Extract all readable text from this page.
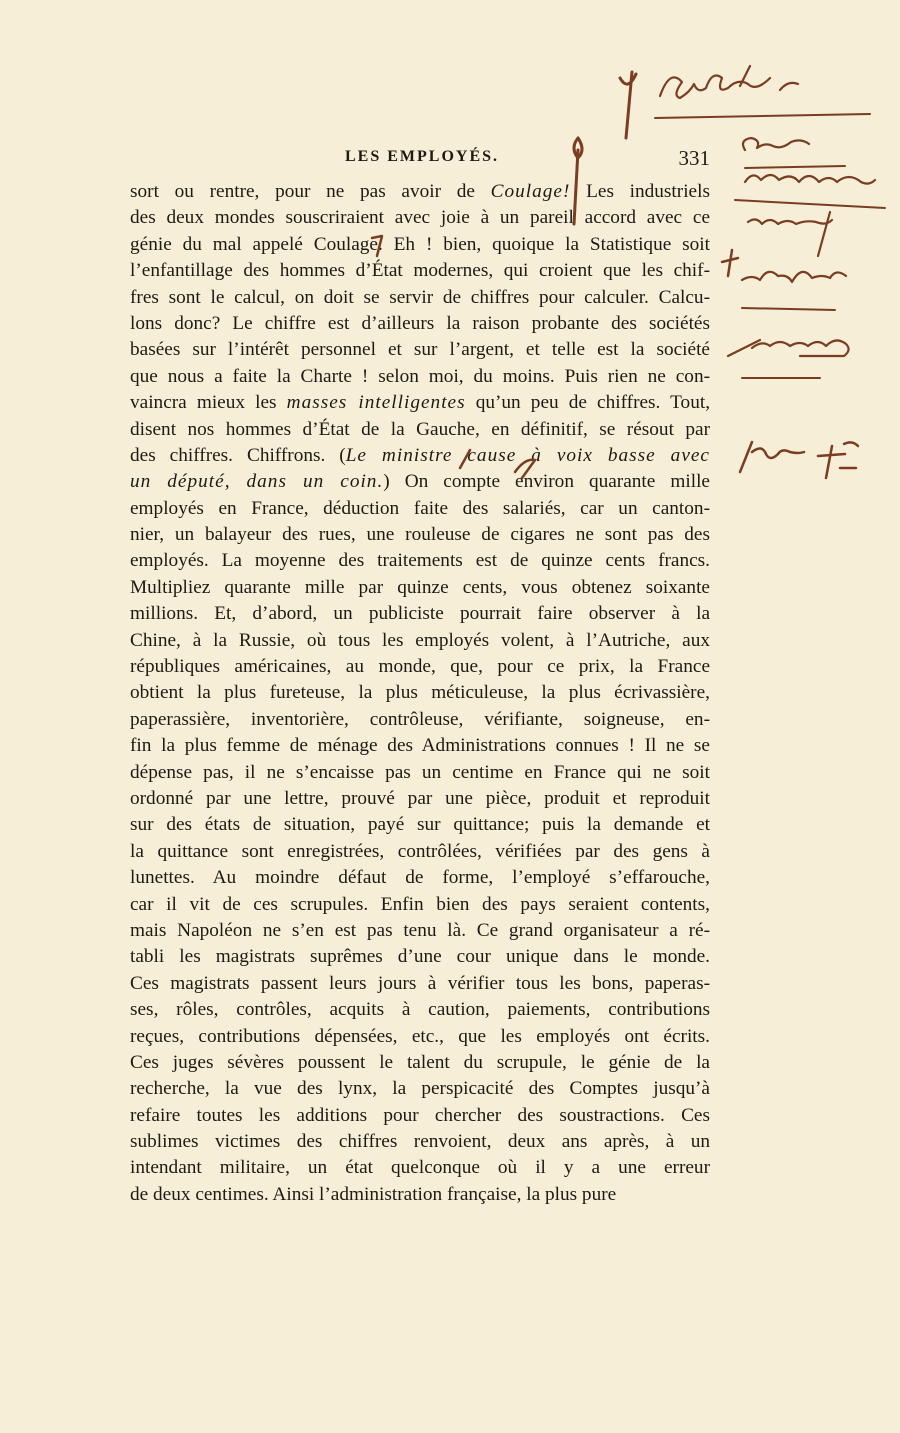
LES EMPLOYÉS.	331
sort ou rentre, pour ne pas avoir de Coulage! Les industriels
des deux mondes souscriraient avec joie à un pareil accord avec ce
génie du mal appelé Coulage. Eh ! bien, quoique la Statistique soit
l’enfantillage des hommes d’État modernes, qui croient que les chif-
fres sont le calcul, on doit se servir de chiffres pour calculer. Calcu-
lons donc? Le chiffre est d’ailleurs la raison probante des sociétés
basées sur l’intérêt personnel et sur l’argent, et telle est la société
que nous a faite la Charte ! selon moi, du moins. Puis rien ne con-
vaincra mieux les masses intelligentes qu’un peu de chiffres. Tout,
disent nos hommes d’État de la Gauche, en définitif, se résout par
des chiffres. Chiffrons. (Le ministre cause à voix basse avec
un député, dans un coin.) On compte environ quarante mille
employés en France, déduction faite des salariés, car un canton-
nier, un balayeur des rues, une rouleuse de cigares ne sont pas des
employés. La moyenne des traitements est de quinze cents francs.
Multipliez quarante mille par quinze cents, vous obtenez soixante
millions. Et, d’abord, un publiciste pourrait faire observer à la
Chine, à la Russie, où tous les employés volent, à l’Autriche, aux
républiques américaines, au monde, que, pour ce prix, la France
obtient la plus fureteuse, la plus méticuleuse, la plus écrivassière,
paperassière, inventorière, contrôleuse, vérifiante, soigneuse, en-
fin la plus femme de ménage des Administrations connues ! Il ne se
dépense pas, il ne s’encaisse pas un centime en France qui ne soit
ordonné par une lettre, prouvé par une pièce, produit et reproduit
sur des états de situation, payé sur quittance; puis la demande et
la quittance sont enregistrées, contrôlées, vérifiées par des gens à
lunettes. Au moindre défaut de forme, l’employé s’effarouche,
car il vit de ces scrupules. Enfin bien des pays seraient contents,
mais Napoléon ne s’en est pas tenu là. Ce grand organisateur a ré-
tabli les magistrats suprêmes d’une cour unique dans le monde.
Ces magistrats passent leurs jours à vérifier tous les bons, paperas-
ses, rôles, contrôles, acquits à caution, paiements, contributions
reçues, contributions dépensées, etc., que les employés ont écrits.
Ces juges sévères poussent le talent du scrupule, le génie de la
recherche, la vue des lynx, la perspicacité des Comptes jusqu’à
refaire toutes les additions pour chercher des soustractions. Ces
sublimes victimes des chiffres renvoient, deux ans après, à un
intendant militaire, un état quelconque où il y a une erreur
de deux centimes. Ainsi l’administration française, la plus pure
